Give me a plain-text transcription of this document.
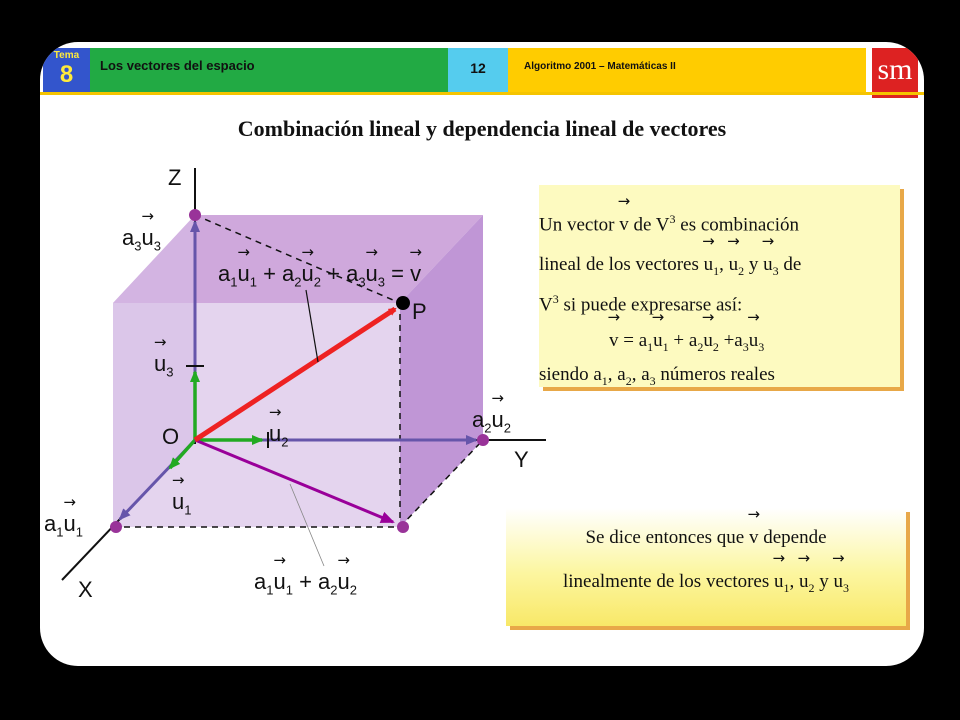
Tema
8	Los vectores del espacio	12	Algoritmo 2001 – Matemáticas II	sm
Combinación lineal y dependencia lineal de vectores
Z
Y
X
O
P
$a_3\to u_3$
→ $u_3$
→ $u_2$
$a_2\to u_2$
→ $u_1$
$a_1\to u_1$
$a_1\to u_1 + a_2\to u_2 + a_3\to u_3$ = → v
$a_1\to u_1 + a_2\to u_2$
Un vector → v de $V^3$ es combinación
lineal de los vectores → $u_1$, → $u_2$ $y \to u_3$ de
$V^3$ si puede expresarse así:
→ $v = a_1\to u_1 + a_2\to u_2 +a_3\to u_3$
siendo $a_1$, $a_2$, $a_3$ números reales
Se dice entonces que → v depende
linealmente de los vectores → $u_1$, → $u_2$ $y \to u_3$
